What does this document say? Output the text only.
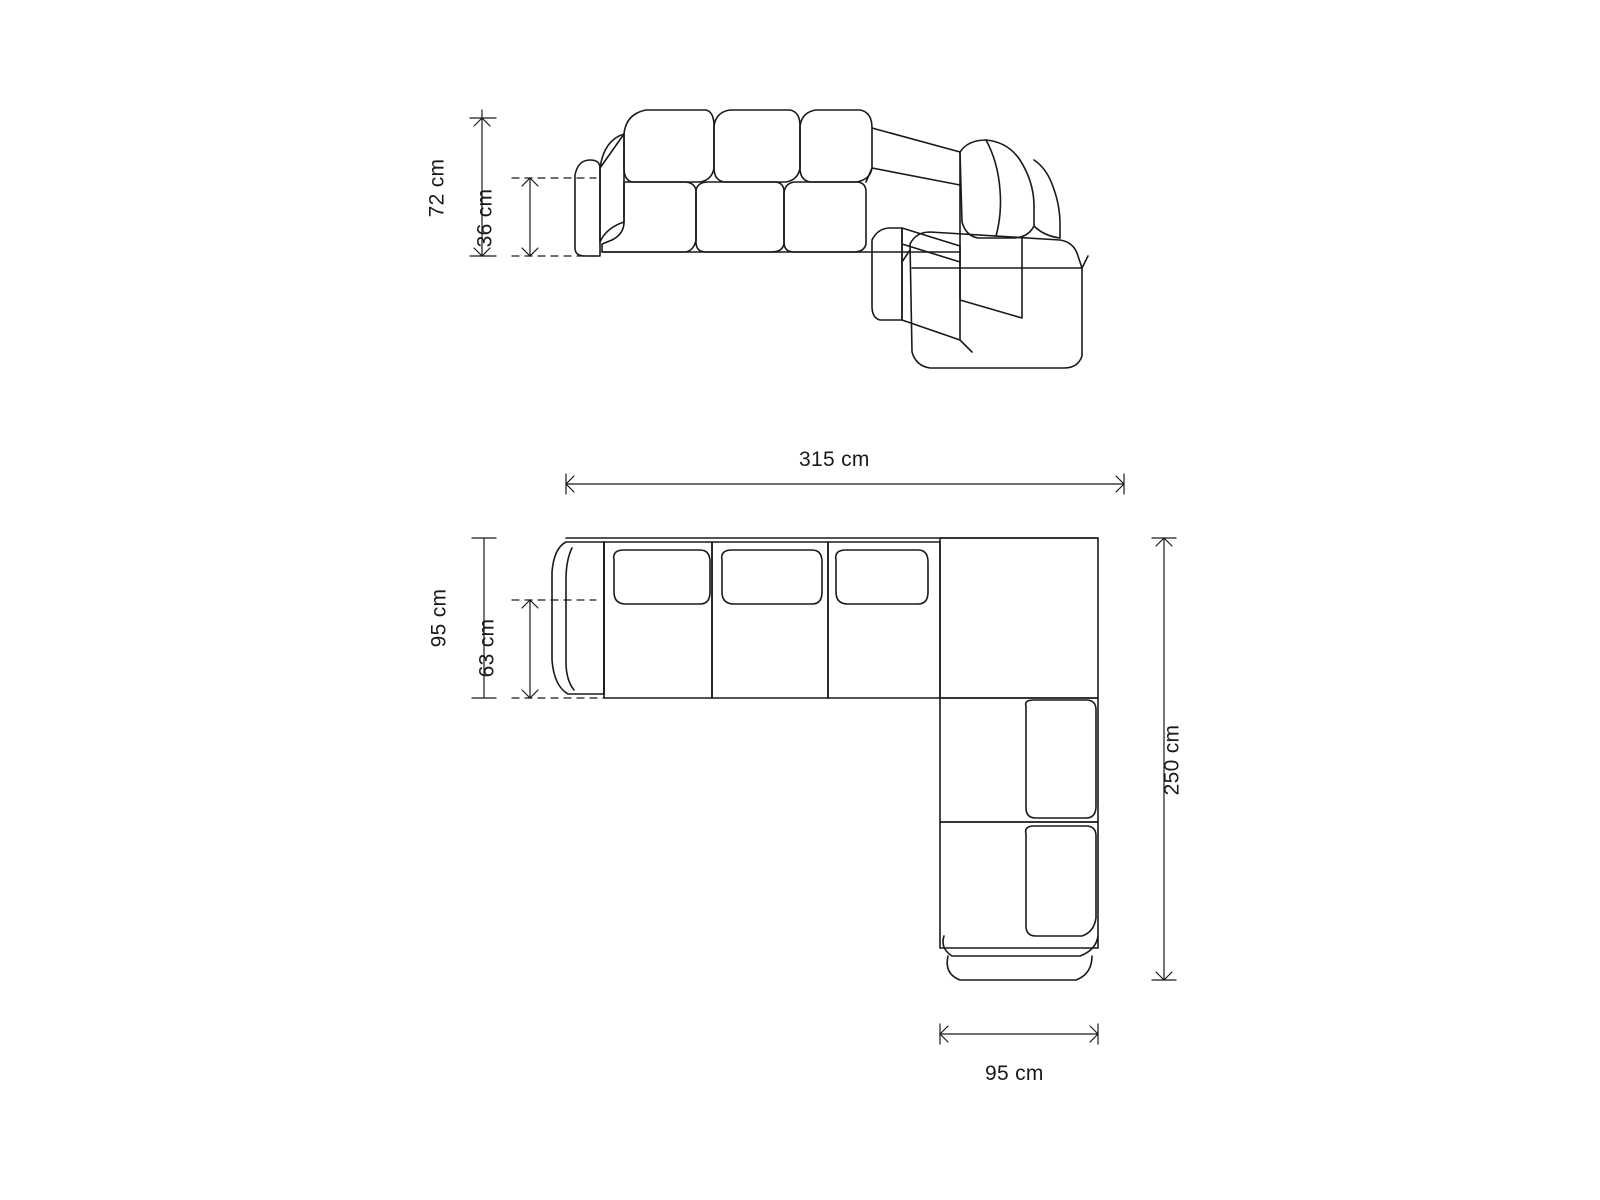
72 cm
36 cm
315 cm
250 cm
95 cm
63 cm
95 cm
